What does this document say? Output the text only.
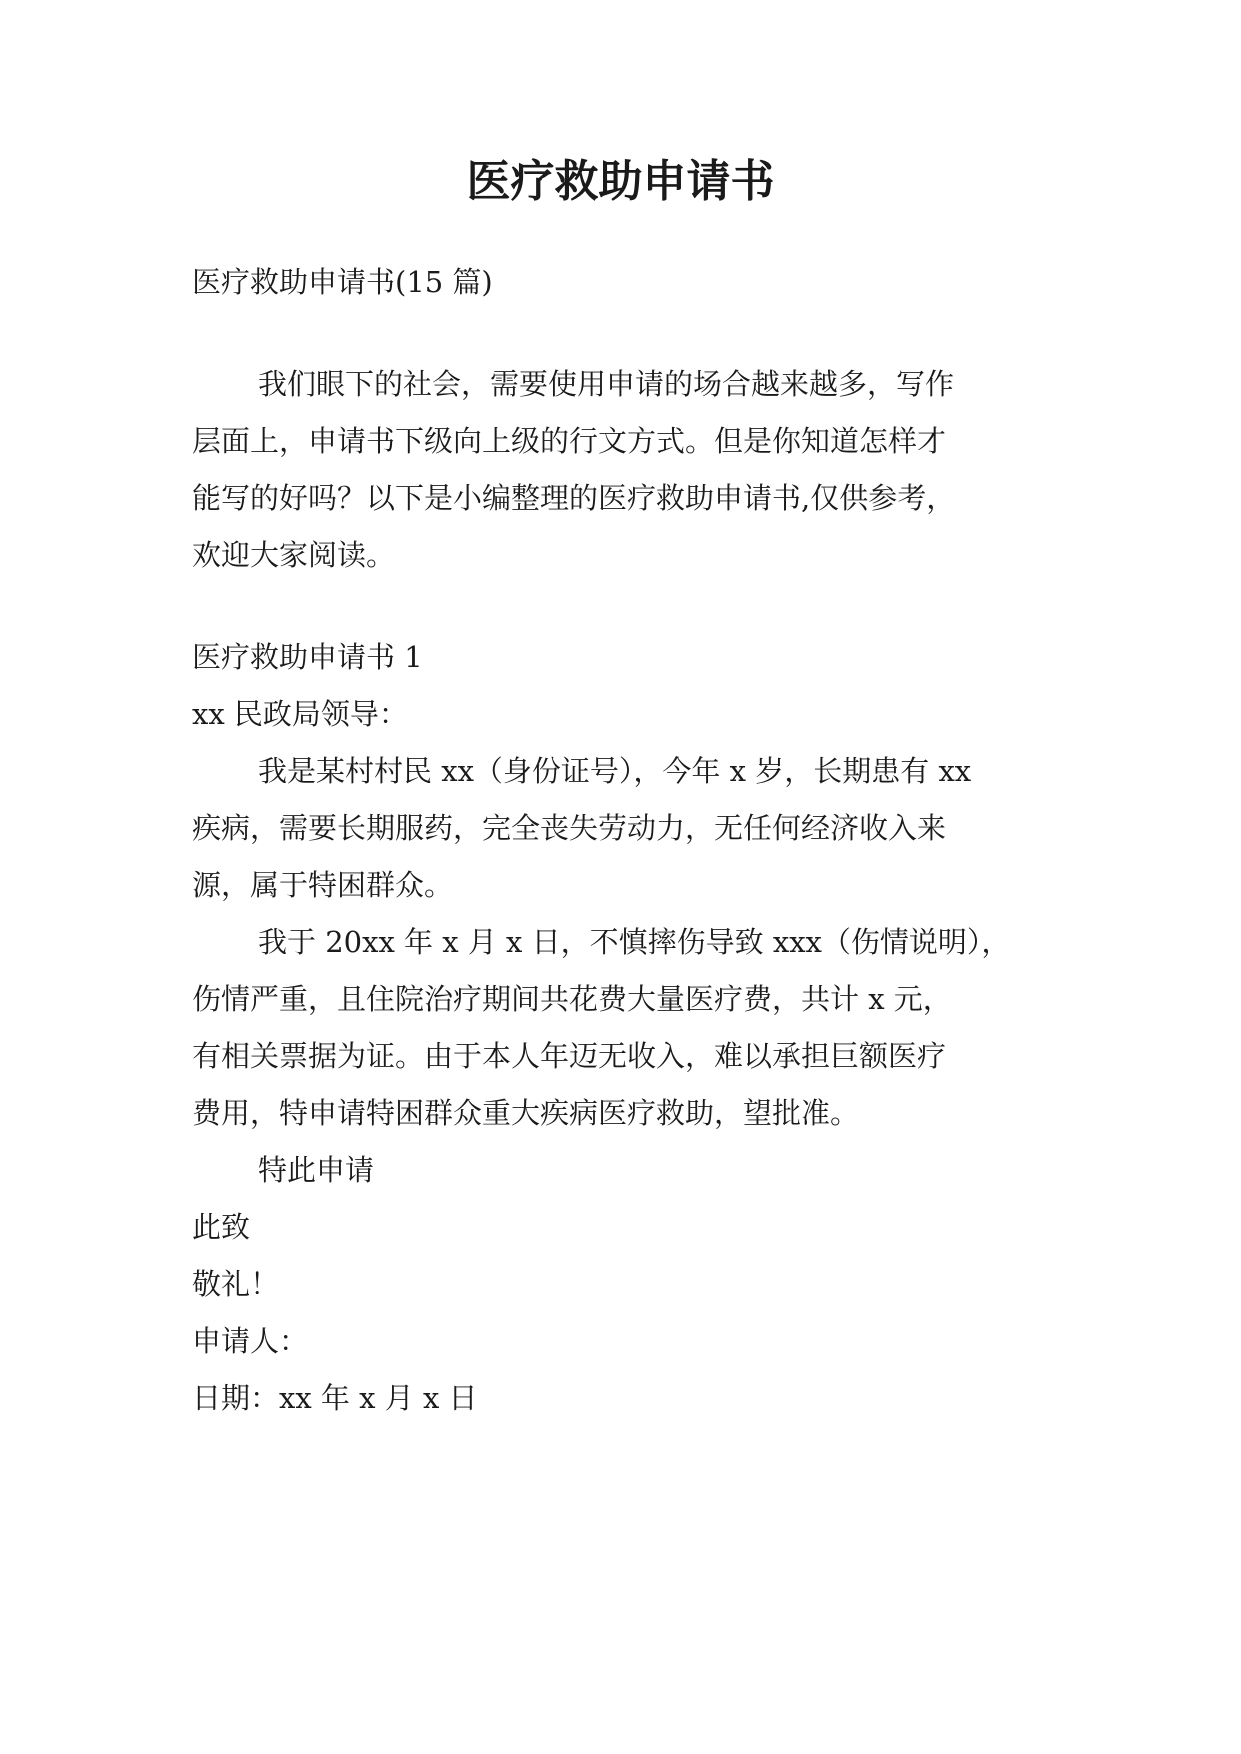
医疗救助申请书

医疗救助申请书(15 篇)

我们眼下的社会，需要使用申请的场合越来越多，写作

层面上，申请书下级向上级的行文方式。但是你知道怎样才

能写的好吗？以下是小编整理的医疗救助申请书,仅供参考，

欢迎大家阅读。

医疗救助申请书 1

xx 民政局领导：

我是某村村民 xx（身份证号），今年 x 岁，长期患有 xx

疾病，需要长期服药，完全丧失劳动力，无任何经济收入来

源，属于特困群众。

我于 20xx 年 x 月 x 日，不慎摔伤导致 xxx（伤情说明），

伤情严重，且住院治疗期间共花费大量医疗费，共计 x 元，

有相关票据为证。由于本人年迈无收入，难以承担巨额医疗

费用，特申请特困群众重大疾病医疗救助，望批准。

特此申请

此致

敬礼！

申请人：

日期：xx 年 x 月 x 日
